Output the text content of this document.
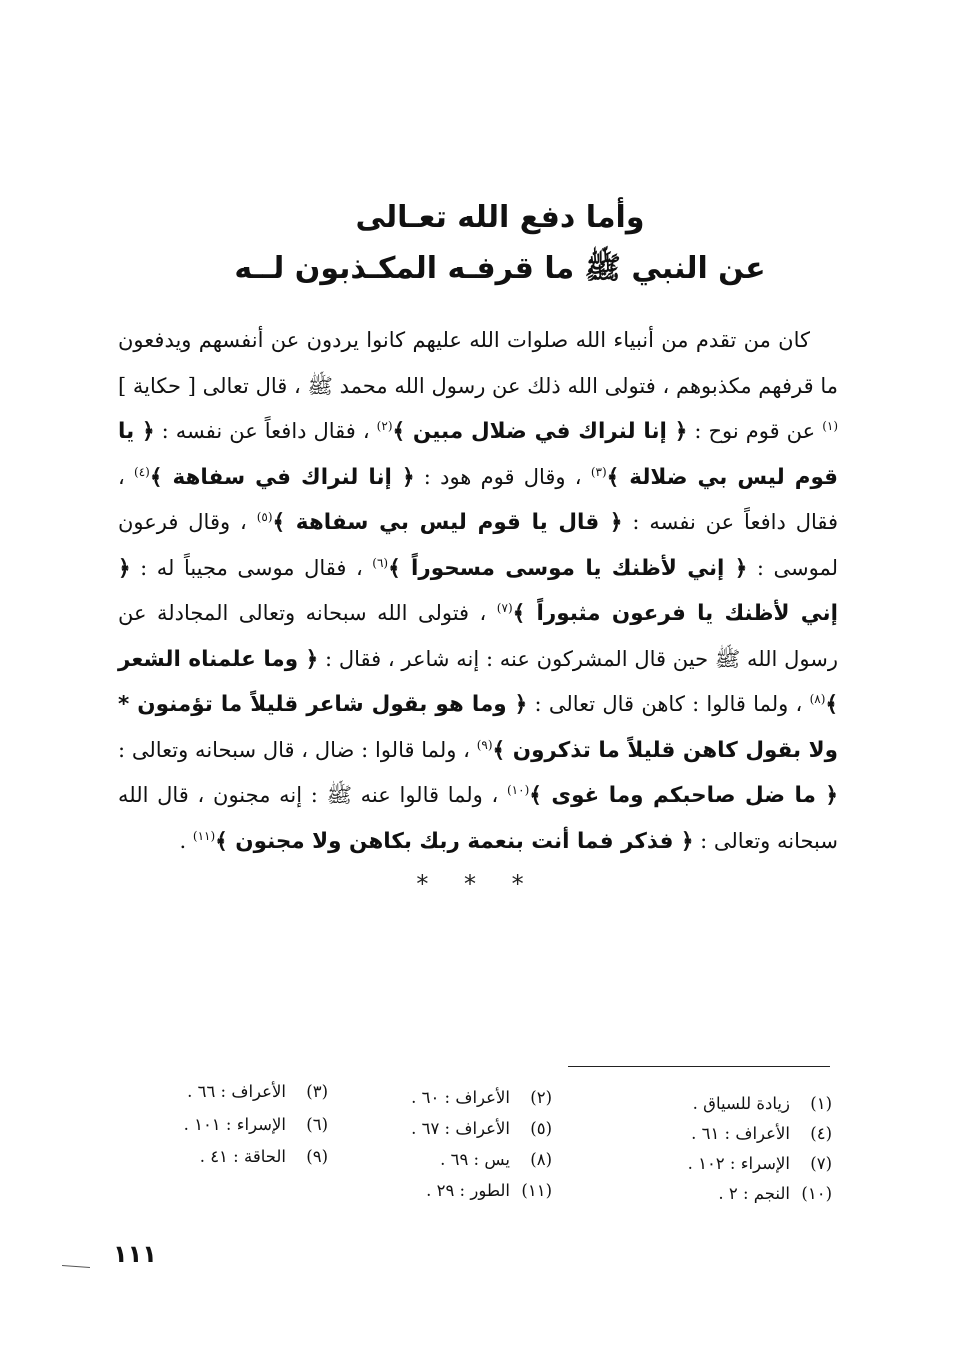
وأما دفع الله تعـالى
عن النبي ﷺ ما قرفـه المكـذبون لــه
كان من تقدم من أنبياء الله صلوات الله عليهم كانوا يردون عن أنفسهم ويدفعون ما قرفهم مكذبوهم ، فتولى الله ذلك عن رسول الله محمد ﷺ ، قال تعالى [ حكاية ]$^{(١)}$ عن قوم نوح : ﴿ إنا لنراك في ضلال مبين ﴾$^{(٢)}$ ، فقال دافعاً عن نفسه : ﴿ يا قوم ليس بي ضلالة ﴾$^{(٣)}$ ، وقال قوم هود : ﴿ إنا لنراك في سفاهة ﴾$^{(٤)}$ ، فقال دافعاً عن نفسه : ﴿ قال يا قوم ليس بي سفاهة ﴾$^{(٥)}$ ، وقال فرعون لموسى : ﴿ إني لأظنك يا موسى مسحوراً ﴾$^{(٦)}$ ، فقال موسى مجيباً له : ﴿ إني لأظنك يا فرعون مثبوراً ﴾$^{(٧)}$ ، فتولى الله سبحانه وتعالى المجادلة عن رسول الله ﷺ حين قال المشركون عنه : إنه شاعر ، فقال : ﴿ وما علمناه الشعر ﴾$^{(٨)}$ ، ولما قالوا : كاهن قال تعالى : ﴿ وما هو بقول شاعر قليلاً ما تؤمنون * ولا بقول كاهن قليلاً ما تذكرون ﴾$^{(٩)}$ ، ولما قالوا : ضال ، قال سبحانه وتعالى : ﴿ ما ضل صاحبكم وما غوى ﴾$^{(١٠)}$ ، ولما قالوا عنه ﷺ : إنه مجنون ، قال الله سبحانه وتعالى : ﴿ فذكر فما أنت بنعمة ربك بكاهن ولا مجنون ﴾$^{(١١)}$ .
* * *
(١)زيادة للسياق .
(٤)الأعراف : ٦١ .
(٧)الإسراء : ١٠٢ .
(١٠)النجم : ٢ .
(٢)الأعراف : ٦٠ .
(٥)الأعراف : ٦٧ .
(٨)يس : ٦٩ .
(١١)الطور : ٢٩ .
(٣)الأعراف : ٦٦ .
(٦)الإسراء : ١٠١ .
(٩)الحاقة : ٤١ .
١١١
